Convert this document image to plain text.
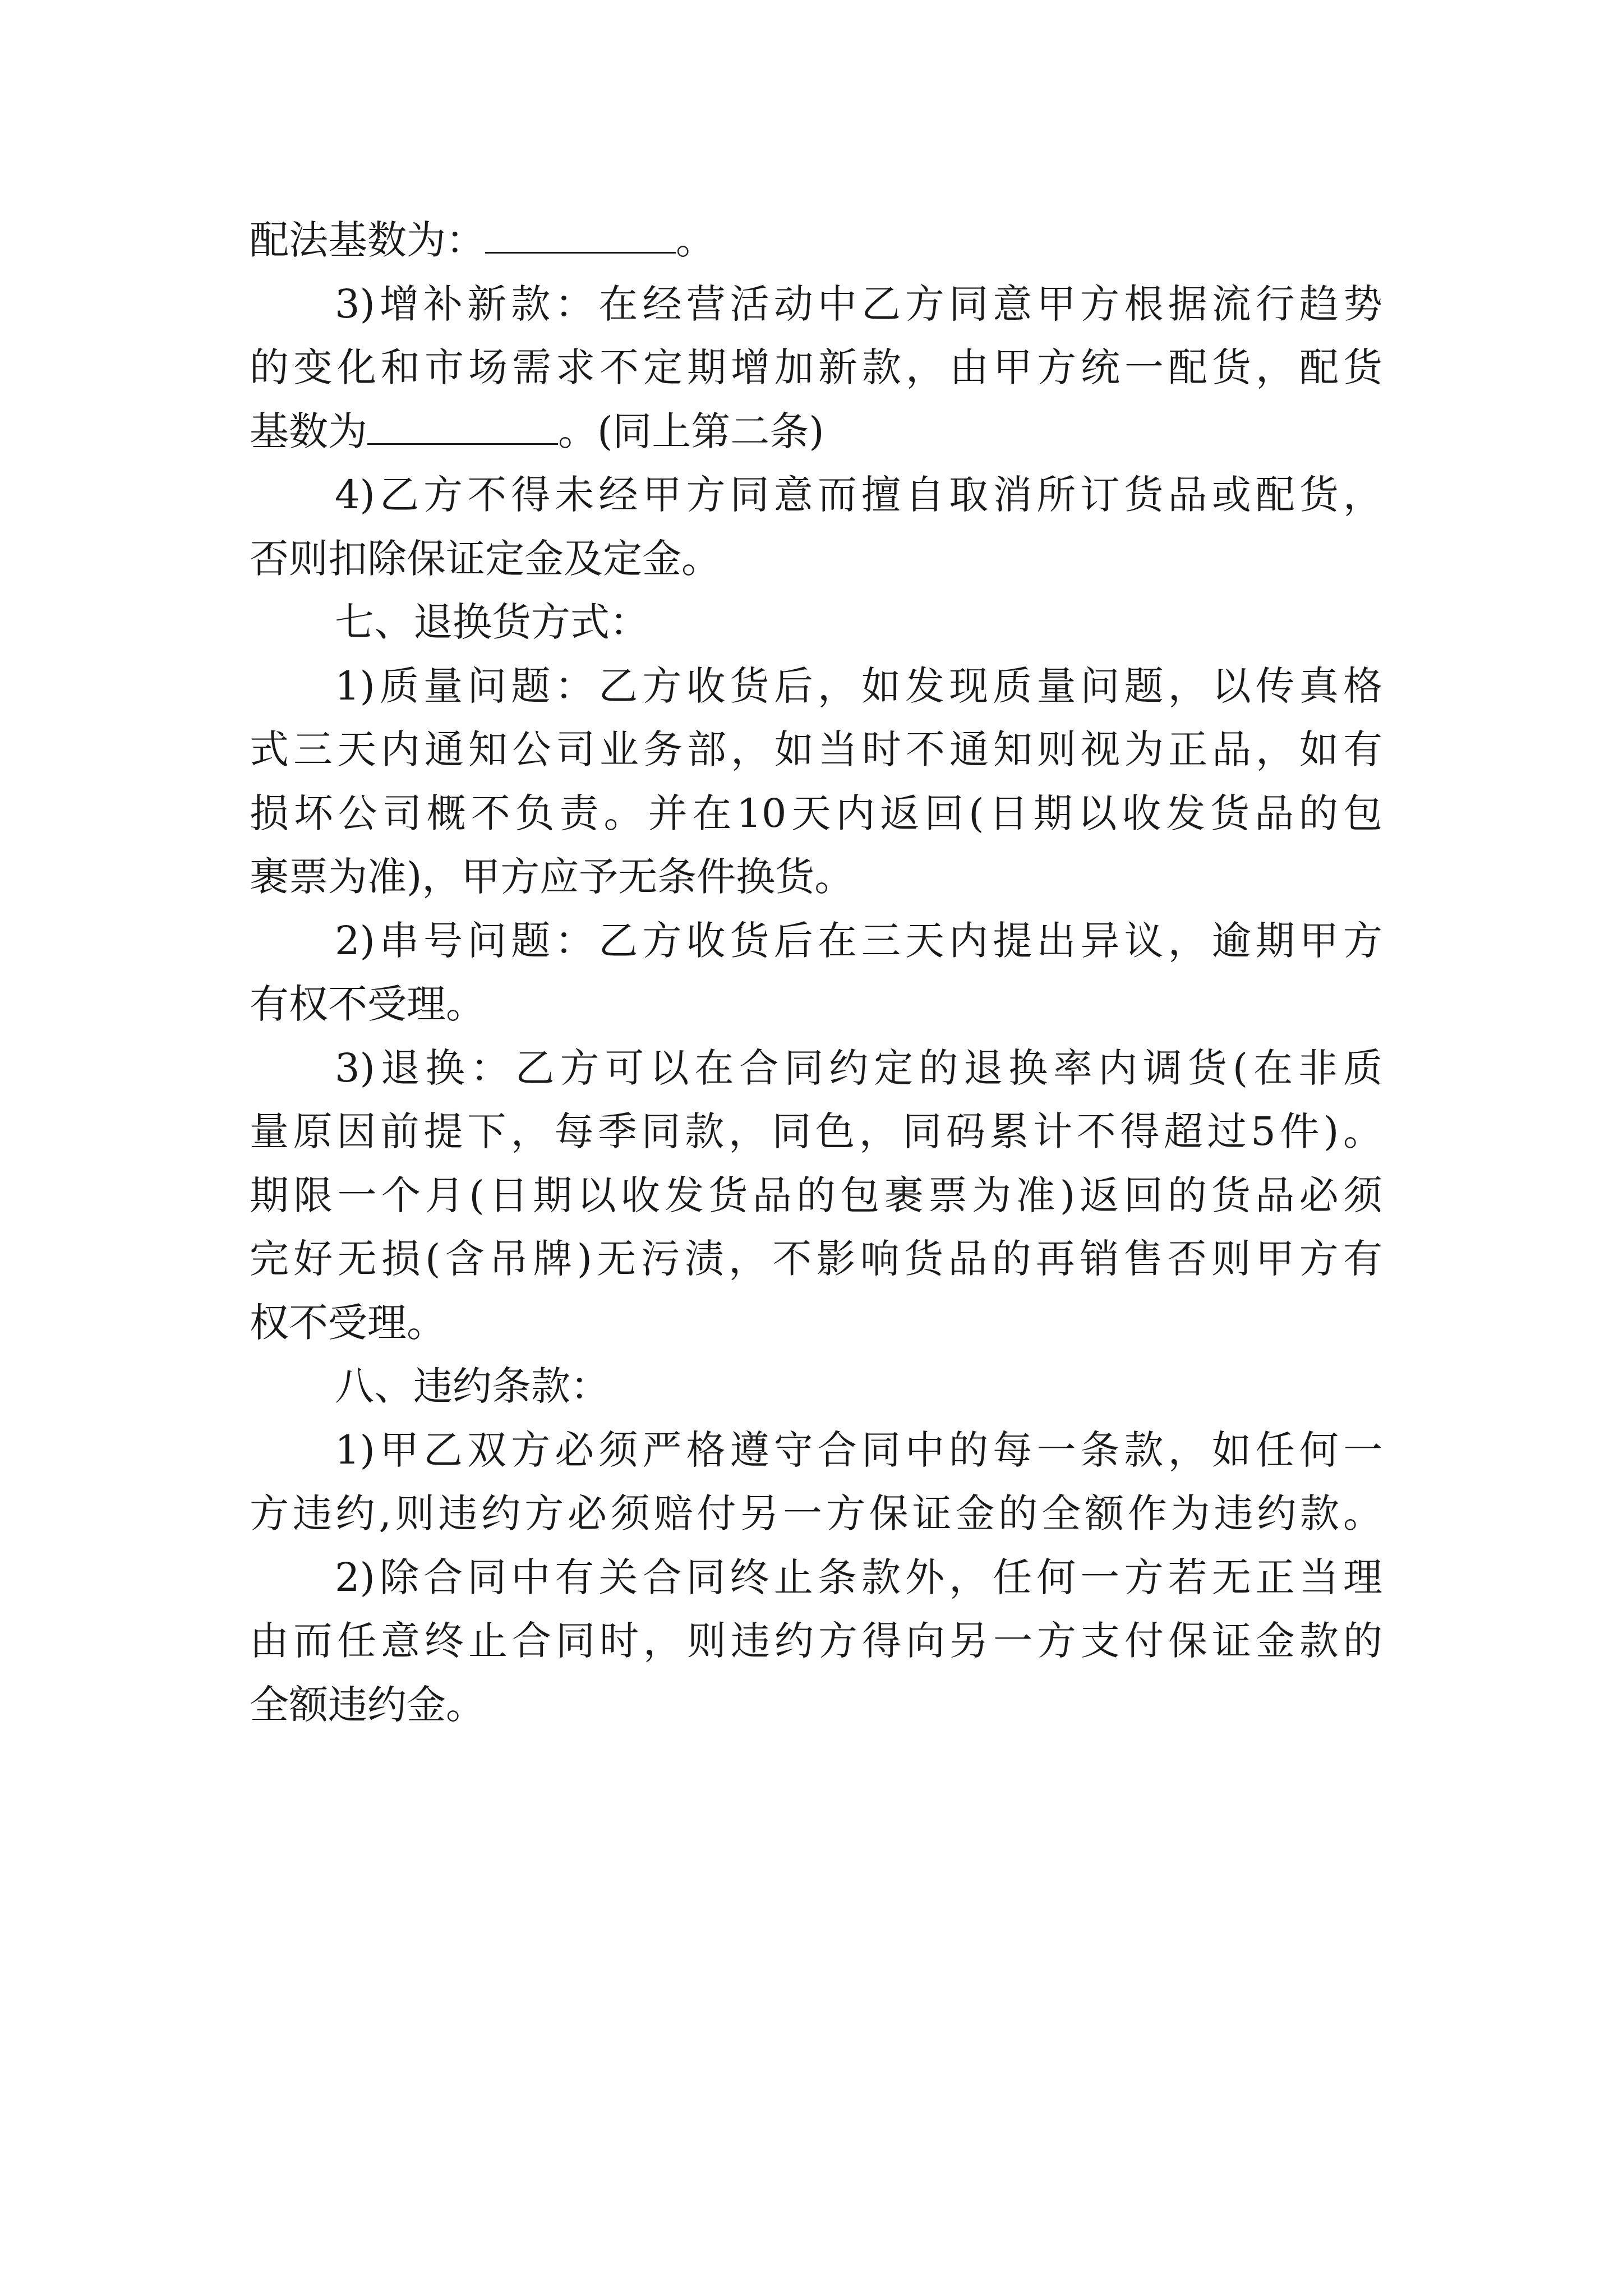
配法基数为：	。
3)增补新款：在经营活动中乙方同意甲方根据流行趋势
的变化和市场需求不定期增加新款，由甲方统一配货，配货
基数为	。(同上第二条)
4)乙方不得未经甲方同意而擅自取消所订货品或配货，
否则扣除保证定金及定金。
七、退换货方式：
1)质量问题：乙方收货后，如发现质量问题，以传真格
式三天内通知公司业务部，如当时不通知则视为正品，如有
损坏公司概不负责。并在10天内返回(日期以收发货品的包
裹票为准)，甲方应予无条件换货。
2)串号问题：乙方收货后在三天内提出异议，逾期甲方
有权不受理。
3)退换：乙方可以在合同约定的退换率内调货(在非质
量原因前提下，每季同款，同色，同码累计不得超过5件)。
期限一个月(日期以收发货品的包裹票为准)返回的货品必须
完好无损(含吊牌)无污渍，不影响货品的再销售否则甲方有
权不受理。
八、违约条款：
1)甲乙双方必须严格遵守合同中的每一条款，如任何一
方违约,则违约方必须赔付另一方保证金的全额作为违约款。
2)除合同中有关合同终止条款外，任何一方若无正当理
由而任意终止合同时，则违约方得向另一方支付保证金款的
全额违约金。
